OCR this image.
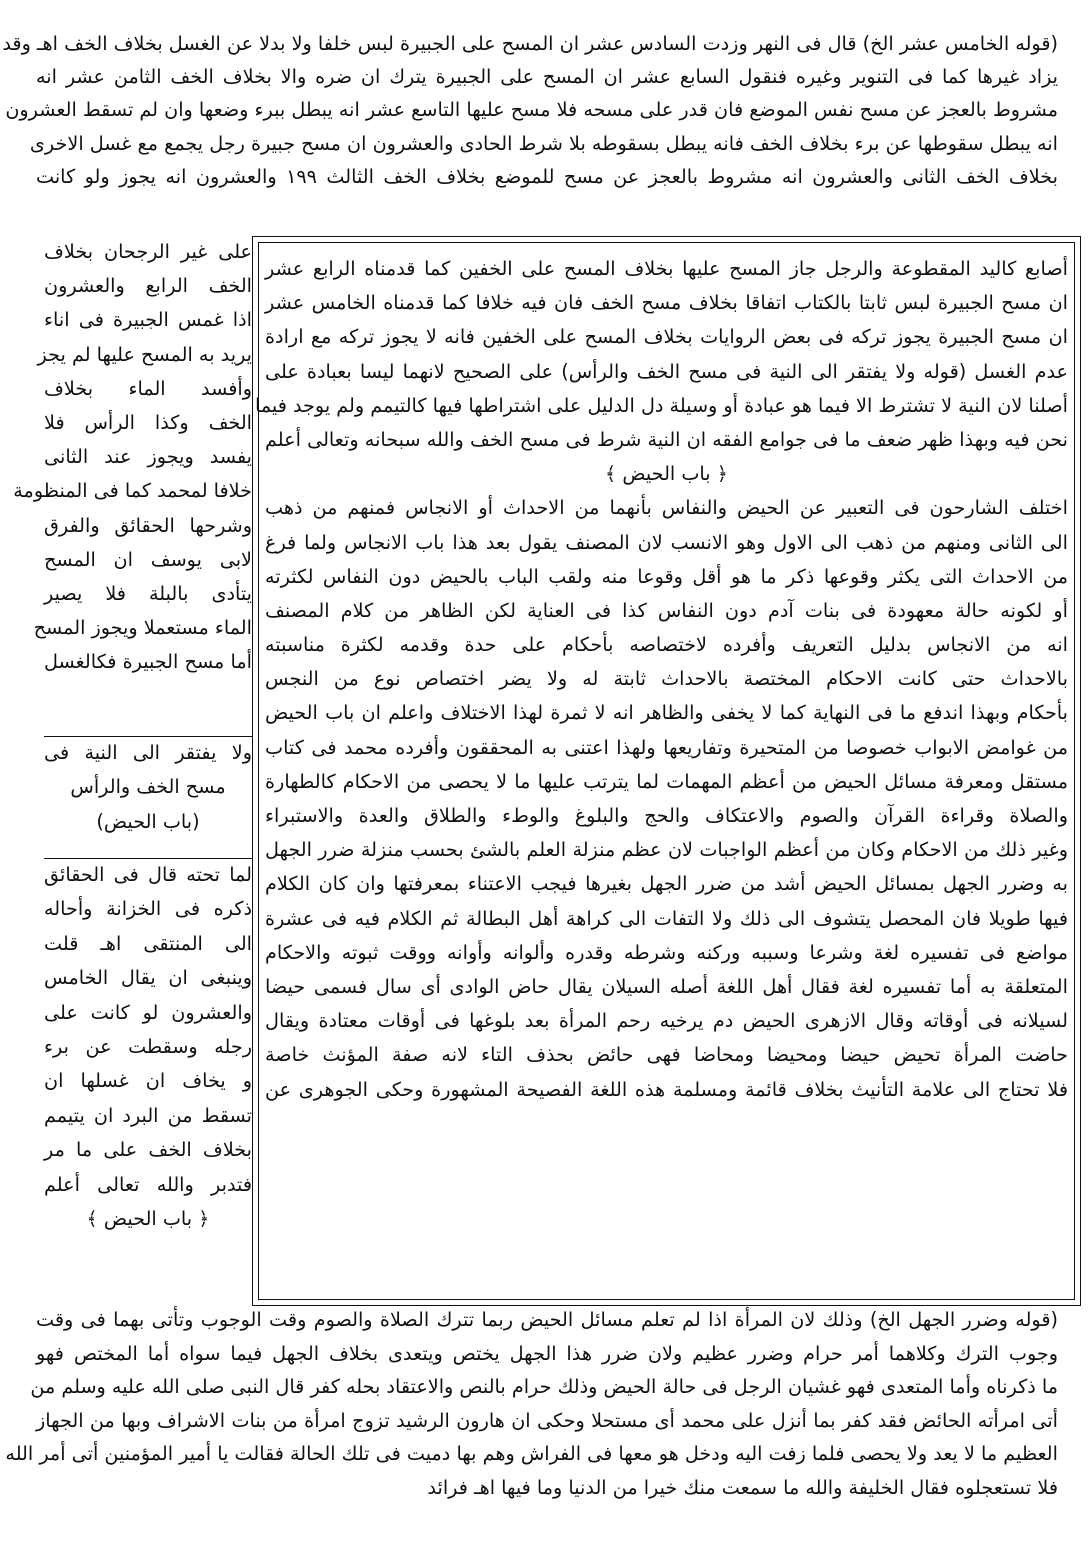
(قوله الخامس عشر الخ) قال فى النهر وزدت السادس عشر ان المسح على الجبيرة لبس خلفا ولا بدلا عن الغسل بخلاف الخف اهـ وقد
يزاد غيرها كما فى التنوير وغيره فنقول السابع عشر ان المسح على الجبيرة يترك ان ضره والا بخلاف الخف الثامن عشر انه
مشروط بالعجز عن مسح نفس الموضع فان قدر على مسحه فلا مسح عليها التاسع عشر انه يبطل ببرء وضعها وان لم تسقط العشرون
انه يبطل سقوطها عن برء بخلاف الخف فانه يبطل بسقوطه بلا شرط الحادى والعشرون ان مسح جبيرة رجل يجمع مع غسل الاخرى
بخلاف الخف الثانى والعشرون انه مشروط بالعجز عن مسح للموضع بخلاف الخف الثالث ١٩٩ والعشرون انه يجوز ولو كانت
أصابع كاليد المقطوعة والرجل جاز المسح عليها بخلاف المسح على الخفين كما قدمناه الرابع عشر
ان مسح الجبيرة لبس ثابتا بالكتاب اتفاقا بخلاف مسح الخف فان فيه خلافا كما قدمناه الخامس عشر
ان مسح الجبيرة يجوز تركه فى بعض الروايات بخلاف المسح على الخفين فانه لا يجوز تركه مع ارادة
عدم الغسل (قوله ولا يفتقر الى النية فى مسح الخف والرأس) على الصحيح لانهما ليسا بعبادة على
أصلنا لان النية لا تشترط الا فيما هو عبادة أو وسيلة دل الدليل على اشتراطها فيها كالتيمم ولم يوجد فيما
نحن فيه وبهذا ظهر ضعف ما فى جوامع الفقه ان النية شرط فى مسح الخف والله سبحانه وتعالى أعلم
﴿ باب الحيض ﴾
اختلف الشارحون فى التعبير عن الحيض والنفاس بأنهما من الاحداث أو الانجاس فمنهم من ذهب
الى الثانى ومنهم من ذهب الى الاول وهو الانسب لان المصنف يقول بعد هذا باب الانجاس ولما فرغ
من الاحداث التى يكثر وقوعها ذكر ما هو أقل وقوعا منه ولقب الباب بالحيض دون النفاس لكثرته
أو لكونه حالة معهودة فى بنات آدم دون النفاس كذا فى العناية لكن الظاهر من كلام المصنف
انه من الانجاس بدليل التعريف وأفرده لاختصاصه بأحكام على حدة وقدمه لكثرة مناسبته
بالاحداث حتى كانت الاحكام المختصة بالاحداث ثابتة له ولا يضر اختصاص نوع من النجس
بأحكام وبهذا اندفع ما فى النهاية كما لا يخفى والظاهر انه لا ثمرة لهذا الاختلاف واعلم ان باب الحيض
من غوامض الابواب خصوصا من المتحيرة وتفاريعها ولهذا اعتنى به المحققون وأفرده محمد فى كتاب
مستقل ومعرفة مسائل الحيض من أعظم المهمات لما يترتب عليها ما لا يحصى من الاحكام كالطهارة
والصلاة وقراءة القرآن والصوم والاعتكاف والحج والبلوغ والوطء والطلاق والعدة والاستبراء
وغير ذلك من الاحكام وكان من أعظم الواجبات لان عظم منزلة العلم بالشئ بحسب منزلة ضرر الجهل
به وضرر الجهل بمسائل الحيض أشد من ضرر الجهل بغيرها فيجب الاعتناء بمعرفتها وان كان الكلام
فيها طويلا فان المحصل يتشوف الى ذلك ولا التفات الى كراهة أهل البطالة ثم الكلام فيه فى عشرة
مواضع فى تفسيره لغة وشرعا وسببه وركنه وشرطه وقدره وألوانه وأوانه ووقت ثبوته والاحكام
المتعلقة به أما تفسيره لغة فقال أهل اللغة أصله السيلان يقال حاض الوادى أى سال فسمى حيضا
لسيلانه فى أوقاته وقال الازهرى الحيض دم يرخيه رحم المرأة بعد بلوغها فى أوقات معتادة ويقال
حاضت المرأة تحيض حيضا ومحيضا ومحاضا فهى حائض بحذف التاء لانه صفة المؤنث خاصة
فلا تحتاج الى علامة التأنيث بخلاف قائمة ومسلمة هذه اللغة الفصيحة المشهورة وحكى الجوهرى عن
على غير الرجحان بخلاف
الخف الرابع والعشرون
اذا غمس الجبيرة فى اناء
يريد به المسح عليها لم يجز
وأفسد الماء بخلاف
الخف وكذا الرأس فلا
يفسد ويجوز عند الثانى
خلافا لمحمد كما فى المنظومة
وشرحها الحقائق والفرق
لابى يوسف ان المسح
يتأدى بالبلة فلا يصير
الماء مستعملا ويجوز المسح
أما مسح الجبيرة فكالغسل
ولا يفتقر الى النية فى
مسح الخف والرأس
(باب الحيض)
لما تحته قال فى الحقائق
ذكره فى الخزانة وأحاله
الى المنتقى اهـ قلت
وينبغى ان يقال الخامس
والعشرون لو كانت على
رجله وسقطت عن برء
و يخاف ان غسلها ان
تسقط من البرد ان يتيمم
بخلاف الخف على ما مر
فتدبر والله تعالى أعلم
﴿ باب الحيض ﴾
(قوله وضرر الجهل الخ) وذلك لان المرأة اذا لم تعلم مسائل الحيض ربما تترك الصلاة والصوم وقت الوجوب وتأتى بهما فى وقت
وجوب الترك وكلاهما أمر حرام وضرر عظيم ولان ضرر هذا الجهل يختص ويتعدى بخلاف الجهل فيما سواه أما المختص فهو
ما ذكرناه وأما المتعدى فهو غشيان الرجل فى حالة الحيض وذلك حرام بالنص والاعتقاد بحله كفر قال النبى صلى الله عليه وسلم من
أتى امرأته الحائض فقد كفر بما أنزل على محمد أى مستحلا وحكى ان هارون الرشيد تزوج امرأة من بنات الاشراف وبها من الجهاز
العظيم ما لا يعد ولا يحصى فلما زفت اليه ودخل هو معها فى الفراش وهم بها دميت فى تلك الحالة فقالت يا أمير المؤمنين أتى أمر الله
فلا تستعجلوه فقال الخليفة والله ما سمعت منك خيرا من الدنيا وما فيها اهـ فرائد
